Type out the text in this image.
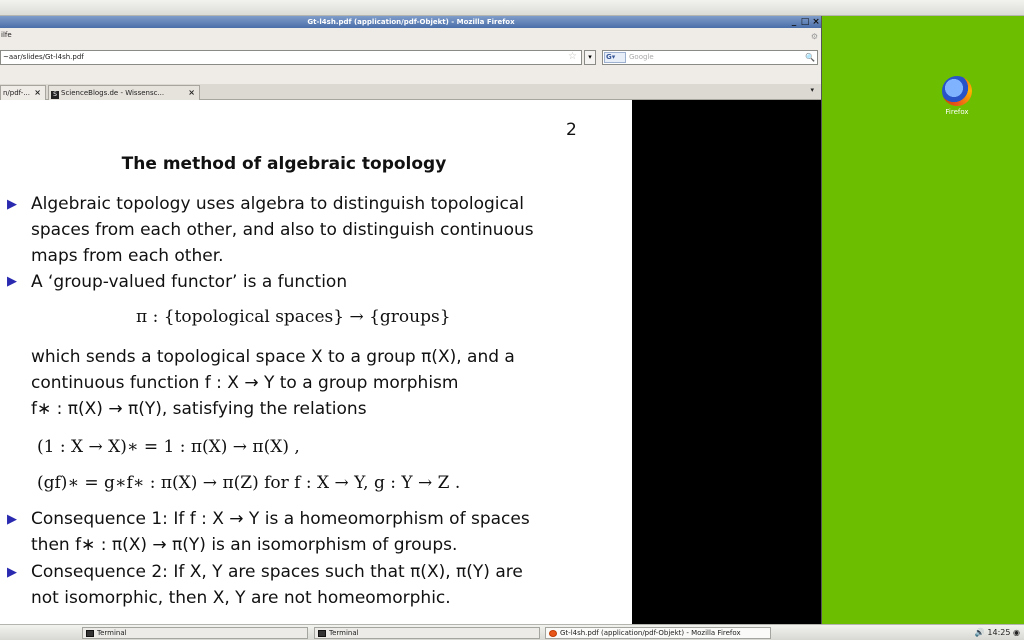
Gt-l4sh.pdf (application/pdf-Objekt) - Mozilla Firefox	_ □ ×
ilfe	⚙
~aar/slides/Gt-l4sh.pdf	☆	▾	G▾	Google	🔍
n/pdf-... ×	S ScienceBlogs.de - Wissensc...	×	▾
2
The method of algebraic topology
▶ Algebraic topology uses algebra to distinguish topological
spaces from each other, and also to distinguish continuous
maps from each other.
▶ A ‘group-valued functor’ is a function
π : {topological spaces} → {groups}
which sends a topological space X to a group π(X), and a
continuous function f : X → Y to a group morphism
f∗ : π(X) → π(Y), satisfying the relations
(1 : X → X)∗ = 1 : π(X) → π(X) ,
(gf)∗ = g∗f∗ : π(X) → π(Z) for f : X → Y, g : Y → Z .
▶ Consequence 1: If f : X → Y is a homeomorphism of spaces
then f∗ : π(X) → π(Y) is an isomorphism of groups.
▶ Consequence 2: If X, Y are spaces such that π(X), π(Y) are
not isomorphic, then X, Y are not homeomorphic.
Firefox
Terminal	Terminal	Gt-l4sh.pdf (application/pdf-Objekt) - Mozilla Firefox	🔊 14:25 ◉
